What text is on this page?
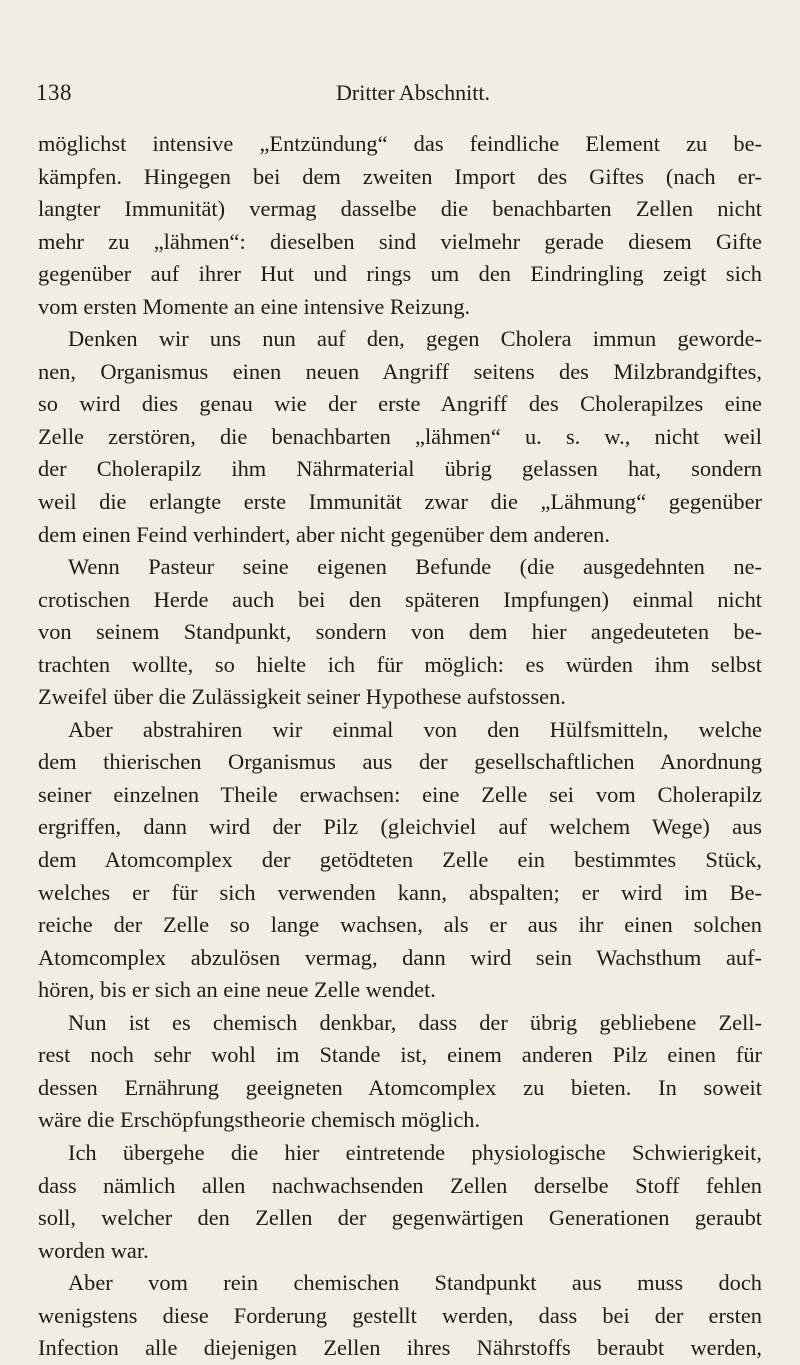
138	Dritter Abschnitt.
möglichst intensive „Entzündung“ das feindliche Element zu be-
kämpfen. Hingegen bei dem zweiten Import des Giftes (nach er-
langter Immunität) vermag dasselbe die benachbarten Zellen nicht
mehr zu „lähmen“: dieselben sind vielmehr gerade diesem Gifte
gegenüber auf ihrer Hut und rings um den Eindringling zeigt sich
vom ersten Momente an eine intensive Reizung.
Denken wir uns nun auf den, gegen Cholera immun geworde-
nen, Organismus einen neuen Angriff seitens des Milzbrandgiftes,
so wird dies genau wie der erste Angriff des Cholerapilzes eine
Zelle zerstören, die benachbarten „lähmen“ u. s. w., nicht weil
der Cholerapilz ihm Nährmaterial übrig gelassen hat, sondern
weil die erlangte erste Immunität zwar die „Lähmung“ gegenüber
dem einen Feind verhindert, aber nicht gegenüber dem anderen.
Wenn Pasteur seine eigenen Befunde (die ausgedehnten ne-
crotischen Herde auch bei den späteren Impfungen) einmal nicht
von seinem Standpunkt, sondern von dem hier angedeuteten be-
trachten wollte, so hielte ich für möglich: es würden ihm selbst
Zweifel über die Zulässigkeit seiner Hypothese aufstossen.
Aber abstrahiren wir einmal von den Hülfsmitteln, welche
dem thierischen Organismus aus der gesellschaftlichen Anordnung
seiner einzelnen Theile erwachsen: eine Zelle sei vom Cholerapilz
ergriffen, dann wird der Pilz (gleichviel auf welchem Wege) aus
dem Atomcomplex der getödteten Zelle ein bestimmtes Stück,
welches er für sich verwenden kann, abspalten; er wird im Be-
reiche der Zelle so lange wachsen, als er aus ihr einen solchen
Atomcomplex abzulösen vermag, dann wird sein Wachsthum auf-
hören, bis er sich an eine neue Zelle wendet.
Nun ist es chemisch denkbar, dass der übrig gebliebene Zell-
rest noch sehr wohl im Stande ist, einem anderen Pilz einen für
dessen Ernährung geeigneten Atomcomplex zu bieten. In soweit
wäre die Erschöpfungstheorie chemisch möglich.
Ich übergehe die hier eintretende physiologische Schwierigkeit,
dass nämlich allen nachwachsenden Zellen derselbe Stoff fehlen
soll, welcher den Zellen der gegenwärtigen Generationen geraubt
worden war.
Aber vom rein chemischen Standpunkt aus muss doch
wenigstens diese Forderung gestellt werden, dass bei der ersten
Infection alle diejenigen Zellen ihres Nährstoffs beraubt werden,
